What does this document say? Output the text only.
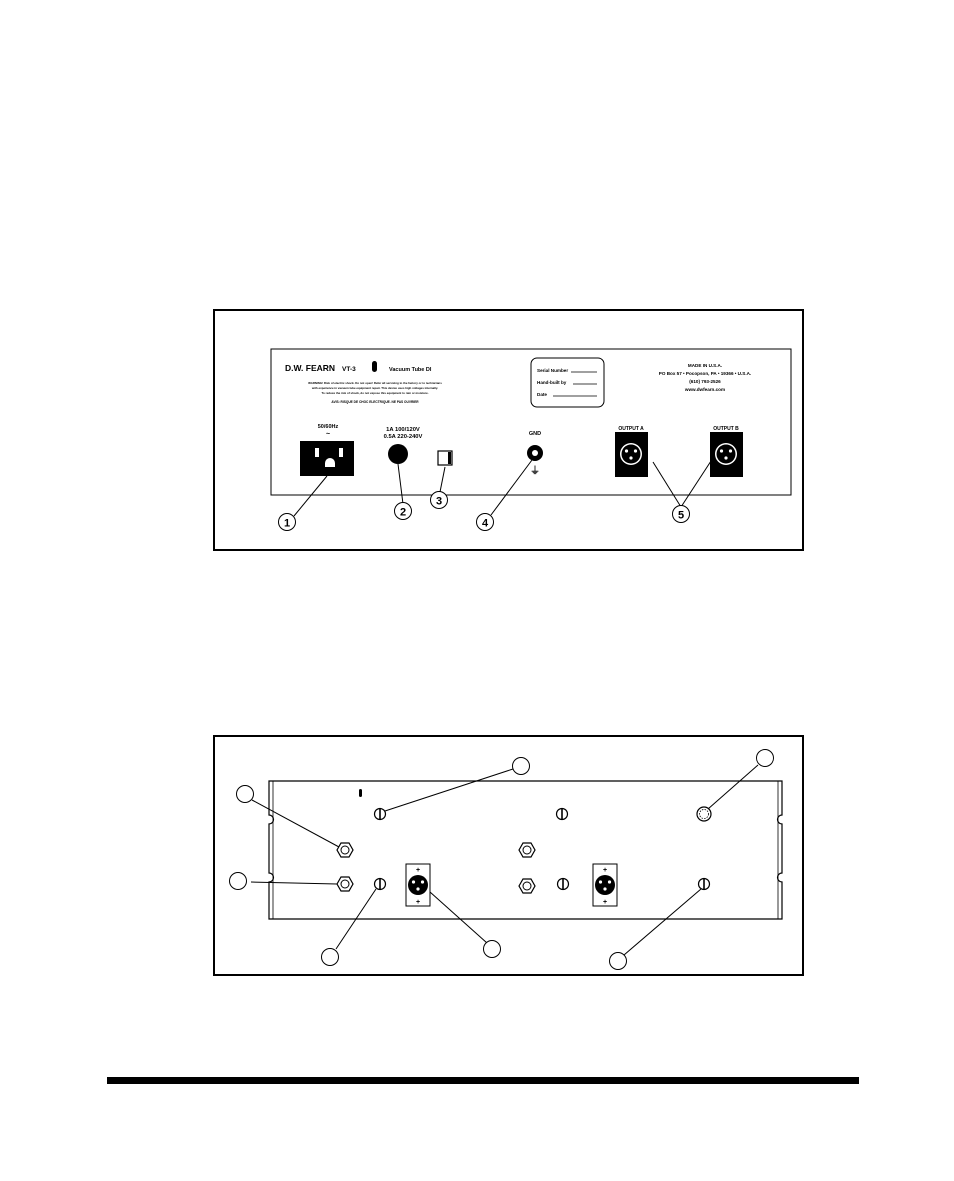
D.W. FEARN VT-3	Vacuum Tube DI
WARNING! Risk of electric shock. Do not open! Refer all servicing to the factory or to technicians
with experience in vacuum tube equipment repair. This device uses high voltages internally.
To reduce the risk of shock, do not expose this equipment to rain or moisture.
AVIS: RISQUE DE CHOC ELECTRIQUE. NE PAS OUVRIER
Serial Number
Hand-built by
Date
MADE IN U.S.A.
PO Box 57 • Pocopson, PA • 19366 • U.S.A.
(610) 793-2526
www.dwfearn.com
50/60Hz
~
1A 100/120V
0.5A 220-240V	GND
⏚
OUTPUT A	OUTPUT B
1
2
3
4
5
+
+
+
+
